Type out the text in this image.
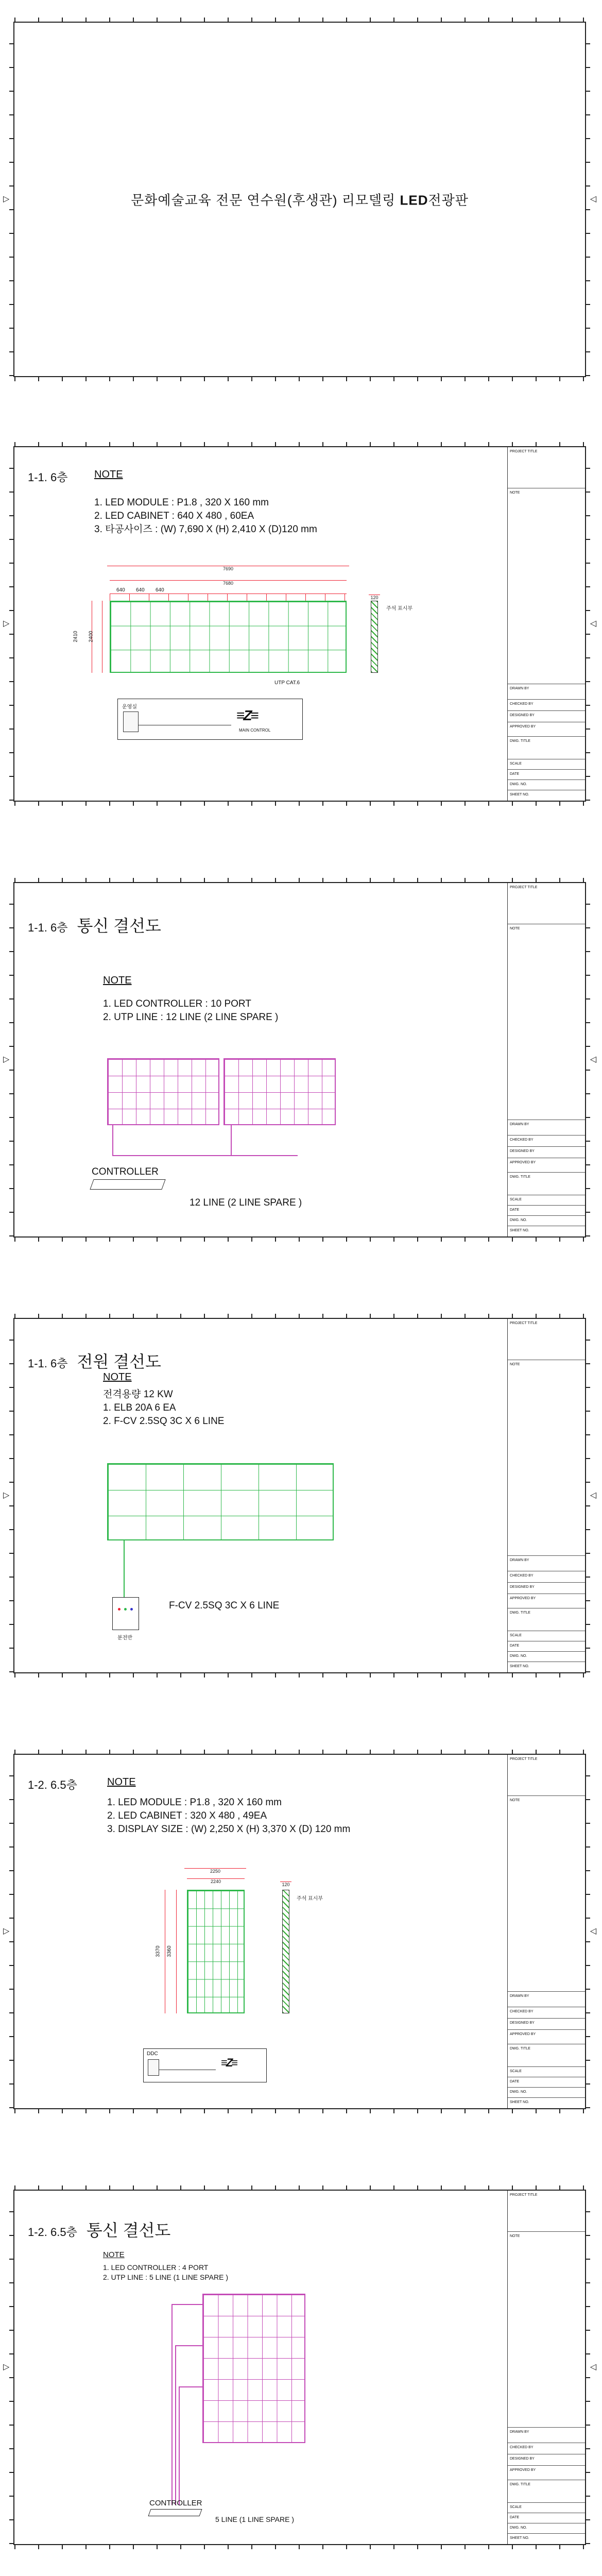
▷	◁
문화예술교육 전문 연수원(후생관) 리모델링 LED전광판
▷	◁
1-1. 6층	NOTE
1. LED MODULE : P1.8 , 320 X 160 mm
2. LED CABINET : 640 X 480 , 60EA
3. 타공사이즈 : (W) 7,690 X (H) 2,410 X (D)120 mm
7690
7680
640 640 640
2410 2400
120
주석 표시부
UTP CAT.6
운영실
≡Z≡
MAIN CONTROL
PROJECT TITLE
NOTE
DRAWN BY
CHECKED BY
DESIGNED BY
APPROVED BY
DWG. TITLE
SCALE
DATE
DWG. NO.
SHEET NO.
▷	◁
1-1. 6층 통신 결선도
NOTE
1. LED CONTROLLER : 10 PORT
2. UTP LINE : 12 LINE (2 LINE SPARE )
CONTROLLER
12 LINE (2 LINE SPARE )
PROJECT TITLE
NOTE
DRAWN BY
CHECKED BY
DESIGNED BY
APPROVED BY
DWG. TITLE
SCALE
DATE
DWG. NO.
SHEET NO.
▷	◁
1-1. 6층 전원 결선도
NOTE
전격용량 12 KW
1. ELB 20A 6 EA
2. F-CV 2.5SQ 3C X 6 LINE
분전반
F-CV 2.5SQ 3C X 6 LINE
PROJECT TITLE
NOTE
DRAWN BY
CHECKED BY
DESIGNED BY
APPROVED BY
DWG. TITLE
SCALE
DATE
DWG. NO.
SHEET NO.
▷	◁
1-2. 6.5층	NOTE
1. LED MODULE : P1.8 , 320 X 160 mm
2. LED CABINET : 320 X 480 , 49EA
3. DISPLAY SIZE : (W) 2,250 X (H) 3,370 X (D) 120 mm
2250
2240
3370 3360
120
주석 표시부
DDC
≡Z≡
PROJECT TITLE
NOTE
DRAWN BY
CHECKED BY
DESIGNED BY
APPROVED BY
DWG. TITLE
SCALE
DATE
DWG. NO.
SHEET NO.
▷	◁
1-2. 6.5층 통신 결선도
NOTE
1. LED CONTROLLER : 4 PORT
2. UTP LINE : 5 LINE (1 LINE SPARE )
CONTROLLER
5 LINE (1 LINE SPARE )
PROJECT TITLE
NOTE
DRAWN BY
CHECKED BY
DESIGNED BY
APPROVED BY
DWG. TITLE
SCALE
DATE
DWG. NO.
SHEET NO.
